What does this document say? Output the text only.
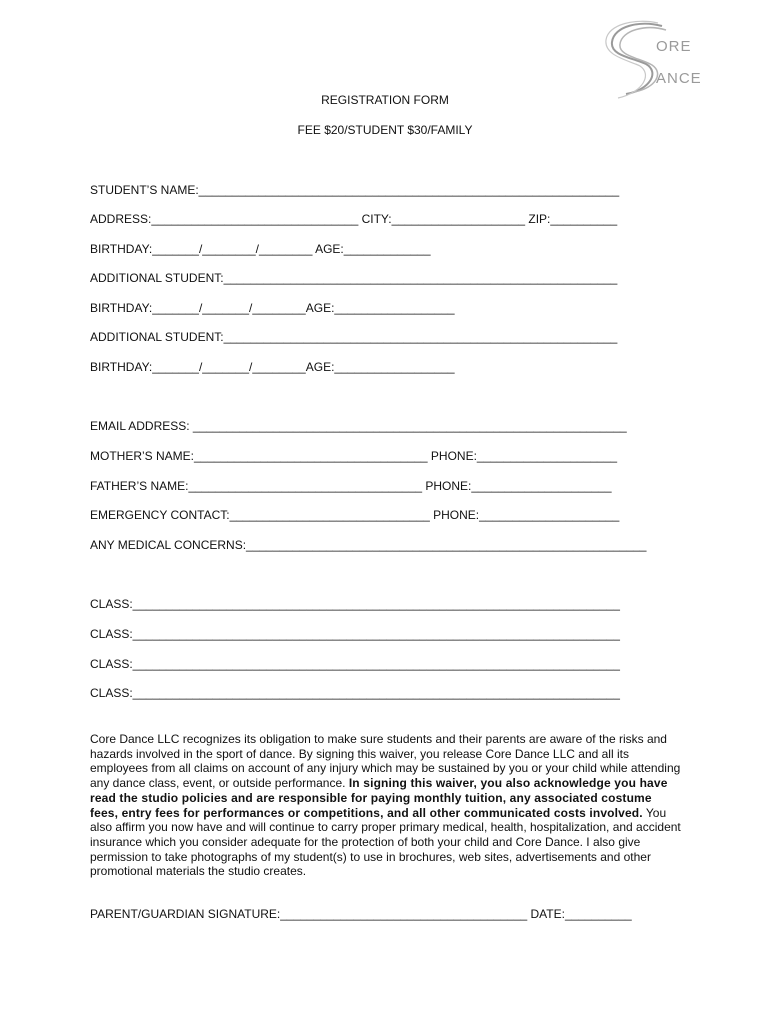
ORE
ANCE
REGISTRATION FORM
FEE $20/STUDENT $30/FAMILY
STUDENT’S NAME:_______________________________________________________________
ADDRESS:_______________________________ CITY:____________________ ZIP:__________
BIRTHDAY:_______/________/________ AGE:_____________
ADDITIONAL STUDENT:___________________________________________________________
BIRTHDAY:_______/_______/________AGE:__________________
ADDITIONAL STUDENT:___________________________________________________________
BIRTHDAY:_______/_______/________AGE:__________________
EMAIL ADDRESS: _________________________________________________________________
MOTHER’S NAME:___________________________________ PHONE:_____________________
FATHER’S NAME:___________________________________ PHONE:_____________________
EMERGENCY CONTACT:______________________________ PHONE:_____________________
ANY MEDICAL CONCERNS:____________________________________________________________
CLASS:_________________________________________________________________________
CLASS:_________________________________________________________________________
CLASS:_________________________________________________________________________
CLASS:_________________________________________________________________________
Core Dance LLC recognizes its obligation to make sure students and their parents are aware of the risks and hazards involved in the sport of dance. By signing this waiver, you release Core Dance LLC and all its employees from all claims on account of any injury which may be sustained by you or your child while attending any dance class, event, or outside performance. In signing this waiver, you also acknowledge you have read the studio policies and are responsible for paying monthly tuition, any associated costume fees, entry fees for performances or competitions, and all other communicated costs involved. You also affirm you now have and will continue to carry proper primary medical, health, hospitalization, and accident insurance which you consider adequate for the protection of both your child and Core Dance. I also give permission to take photographs of my student(s) to use in brochures, web sites, advertisements and other promotional materials the studio creates.
PARENT/GUARDIAN SIGNATURE:_____________________________________ DATE:__________
